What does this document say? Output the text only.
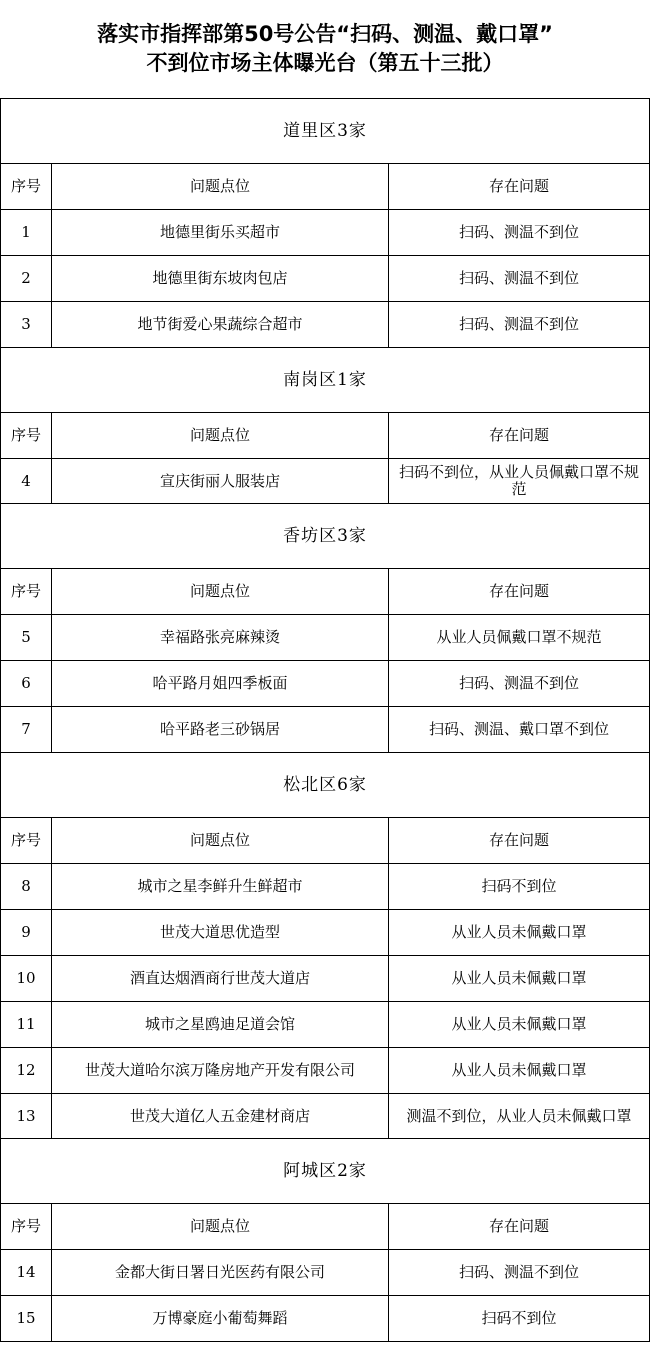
落实市指挥部第50号公告“扫码、测温、戴口罩”
不到位市场主体曝光台（第五十三批）
道里区3家
序号	问题点位	存在问题
1	地德里街乐买超市	扫码、测温不到位
2	地德里街东坡肉包店	扫码、测温不到位
3	地节街爱心果蔬综合超市	扫码、测温不到位
南岗区1家
序号	问题点位	存在问题
4	宣庆街丽人服装店	扫码不到位，从业人员佩戴口罩不规范
香坊区3家
序号	问题点位	存在问题
5	幸福路张亮麻辣烫	从业人员佩戴口罩不规范
6	哈平路月姐四季板面	扫码、测温不到位
7	哈平路老三砂锅居	扫码、测温、戴口罩不到位
松北区6家
序号	问题点位	存在问题
8	城市之星李鲜升生鲜超市	扫码不到位
9	世茂大道思优造型	从业人员未佩戴口罩
10	酒直达烟酒商行世茂大道店	从业人员未佩戴口罩
11	城市之星鸥迪足道会馆	从业人员未佩戴口罩
12	世茂大道哈尔滨万隆房地产开发有限公司	从业人员未佩戴口罩
13	世茂大道亿人五金建材商店	测温不到位，从业人员未佩戴口罩
阿城区2家
序号	问题点位	存在问题
14	金都大街日署日光医药有限公司	扫码、测温不到位
15	万博豪庭小葡萄舞蹈	扫码不到位
